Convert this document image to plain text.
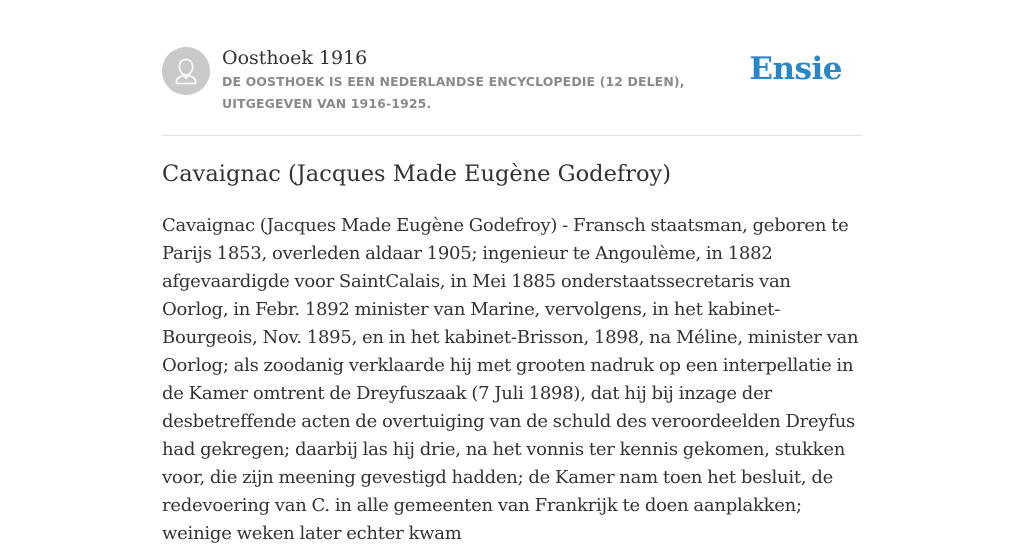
Oosthoek 1916
DE OOSTHOEK IS EEN NEDERLANDSE ENCYCLOPEDIE (12 DELEN), UITGEGEVEN VAN 1916-1925.
Ensie
Cavaignac (Jacques Made Eugène Godefroy)

Cavaignac (Jacques Made Eugène Godefroy) - Fransch staatsman, geboren te Parijs 1853, overleden aldaar 1905; ingenieur te Angoulème, in 1882 afgevaardigde voor SaintCalais, in Mei 1885 onderstaatssecretaris van Oorlog, in Febr. 1892 minister van Marine, vervolgens, in het kabinet-Bourgeois, Nov. 1895, en in het kabinet-Brisson, 1898, na Méline, minister van Oorlog; als zoodanig verklaarde hij met grooten nadruk op een interpellatie in de Kamer omtrent de Dreyfuszaak (7 Juli 1898), dat hij bij inzage der desbetreffende acten de overtuiging van de schuld des veroordeelden Dreyfus had gekregen; daarbij las hij drie, na het vonnis ter kennis gekomen, stukken voor, die zijn meening gevestigd hadden; de Kamer nam toen het besluit, de redevoering van C. in alle gemeenten van Frankrijk te doen aanplakken; weinige weken later echter kwam
